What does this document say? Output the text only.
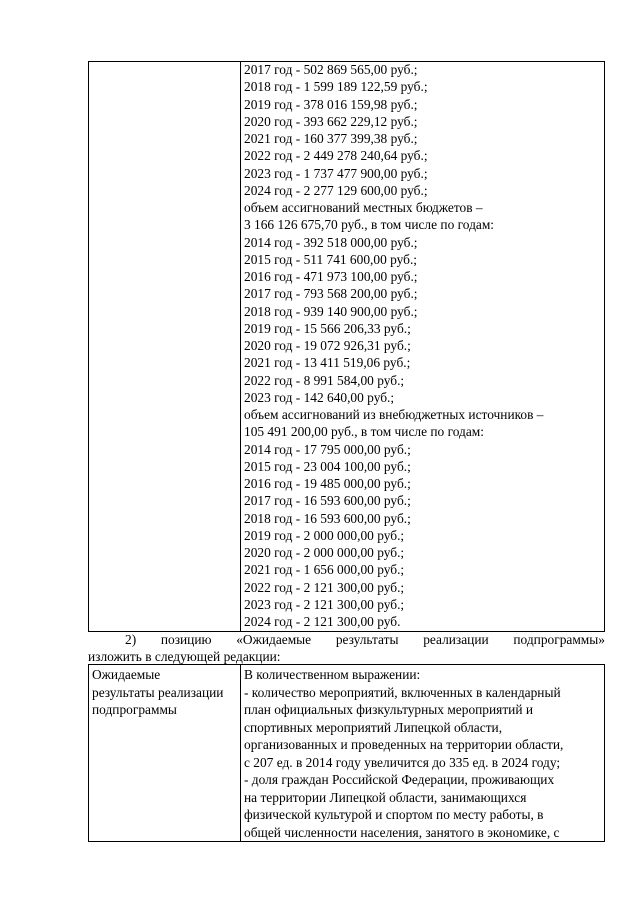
2017 год - 502 869 565,00 руб.;
2018 год - 1 599 189 122,59 руб.;
2019 год - 378 016 159,98 руб.;
2020 год - 393 662 229,12 руб.;
2021 год - 160 377 399,38 руб.;
2022 год - 2 449 278 240,64 руб.;
2023 год - 1 737 477 900,00 руб.;
2024 год - 2 277 129 600,00 руб.;
объем ассигнований местных бюджетов –
3 166 126 675,70 руб., в том числе по годам:
2014 год - 392 518 000,00 руб.;
2015 год - 511 741 600,00 руб.;
2016 год - 471 973 100,00 руб.;
2017 год - 793 568 200,00 руб.;
2018 год - 939 140 900,00 руб.;
2019 год - 15 566 206,33 руб.;
2020 год - 19 072 926,31 руб.;
2021 год - 13 411 519,06 руб.;
2022 год - 8 991 584,00 руб.;
2023 год - 142 640,00 руб.;
объем ассигнований из внебюджетных источников –
105 491 200,00 руб., в том числе по годам:
2014 год - 17 795 000,00 руб.;
2015 год - 23 004 100,00 руб.;
2016 год - 19 485 000,00 руб.;
2017 год - 16 593 600,00 руб.;
2018 год - 16 593 600,00 руб.;
2019 год - 2 000 000,00 руб.;
2020 год - 2 000 000,00 руб.;
2021 год - 1 656 000,00 руб.;
2022 год - 2 121 300,00 руб.;
2023 год - 2 121 300,00 руб.;
2024 год - 2 121 300,00 руб.
2) позицию «Ожидаемые результаты реализации подпрограммы»
изложить в следующей редакции:
Ожидаемые
результаты реализации
подпрограммы
В количественном выражении:
- количество мероприятий, включенных в календарный
план официальных физкультурных мероприятий и
спортивных мероприятий Липецкой области,
организованных и проведенных на территории области,
с 207 ед. в 2014 году увеличится до 335 ед. в 2024 году;
- доля граждан Российской Федерации, проживающих
на территории Липецкой области, занимающихся
физической культурой и спортом по месту работы, в
общей численности населения, занятого в экономике, с
